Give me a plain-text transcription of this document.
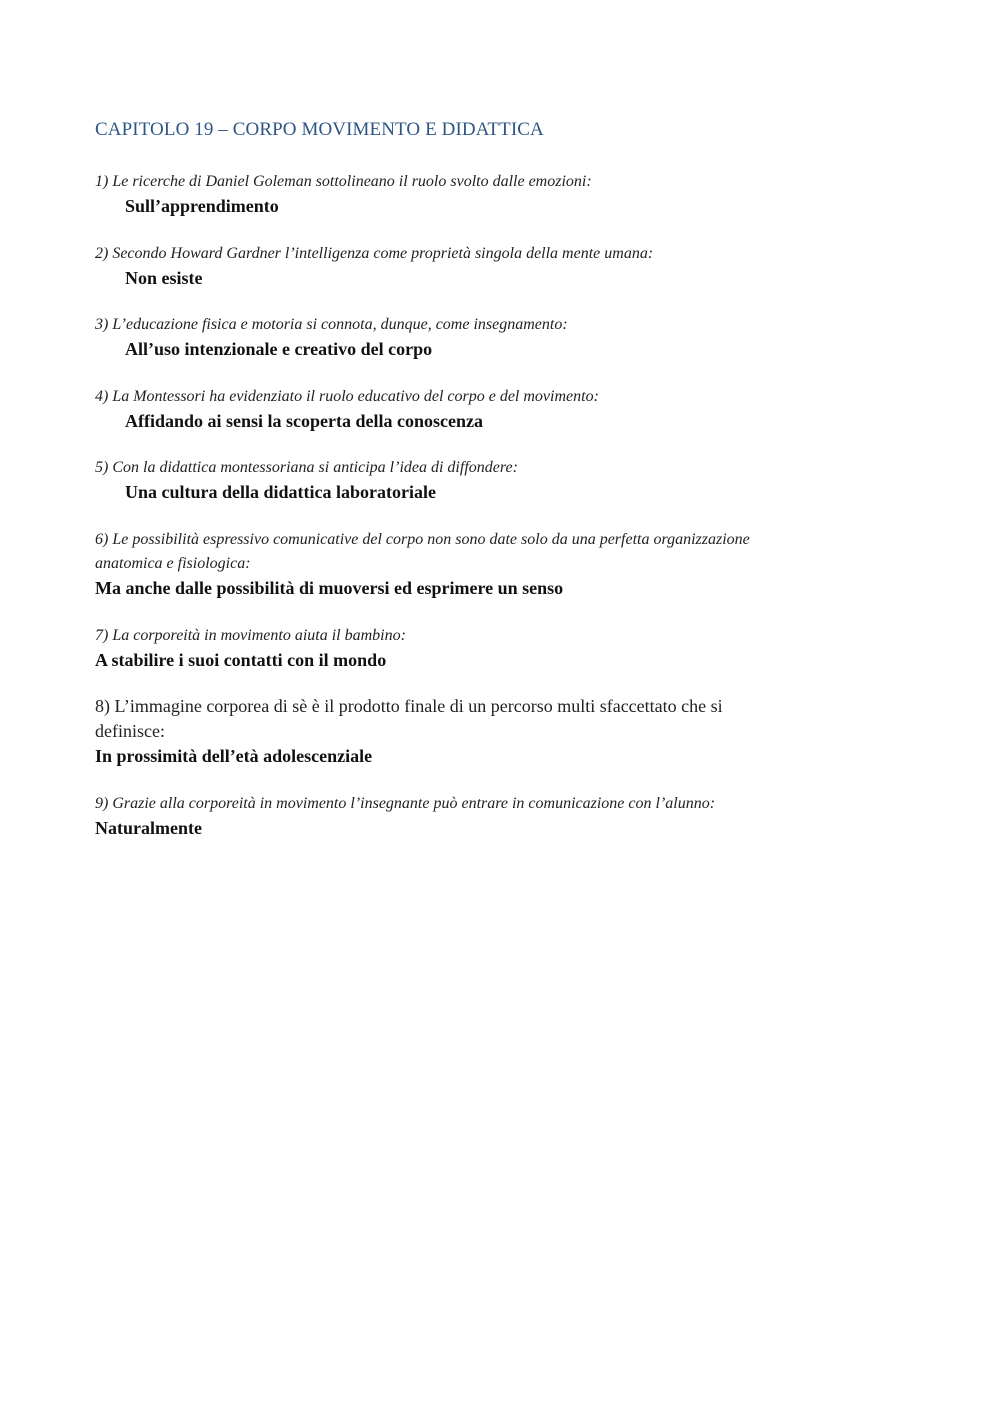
CAPITOLO 19 – CORPO MOVIMENTO E DIDATTICA
1) Le ricerche di Daniel Goleman sottolineano il ruolo svolto dalle emozioni:
Sull’apprendimento
2) Secondo Howard Gardner l’intelligenza come proprietà singola della mente umana:
Non esiste
3) L’educazione fisica e motoria si connota, dunque, come insegnamento:
All’uso intenzionale e creativo del corpo
4) La Montessori ha evidenziato il ruolo educativo del corpo e del movimento:
Affidando ai sensi la scoperta della conoscenza
5) Con la didattica montessoriana si anticipa l’idea di diffondere:
Una cultura della didattica laboratoriale
6) Le possibilità espressivo comunicative del corpo non sono date solo da una perfetta organizzazione anatomica e fisiologica:
Ma anche dalle possibilità di muoversi ed esprimere un senso
7) La corporeità in movimento aiuta il bambino:
A stabilire i suoi contatti con il mondo
8) L’immagine corporea di sè è il prodotto finale di un percorso multi sfaccettato che si definisce:
In prossimità dell’età adolescenziale
9) Grazie alla corporeità in movimento l’insegnante può entrare in comunicazione con l’alunno:
Naturalmente
